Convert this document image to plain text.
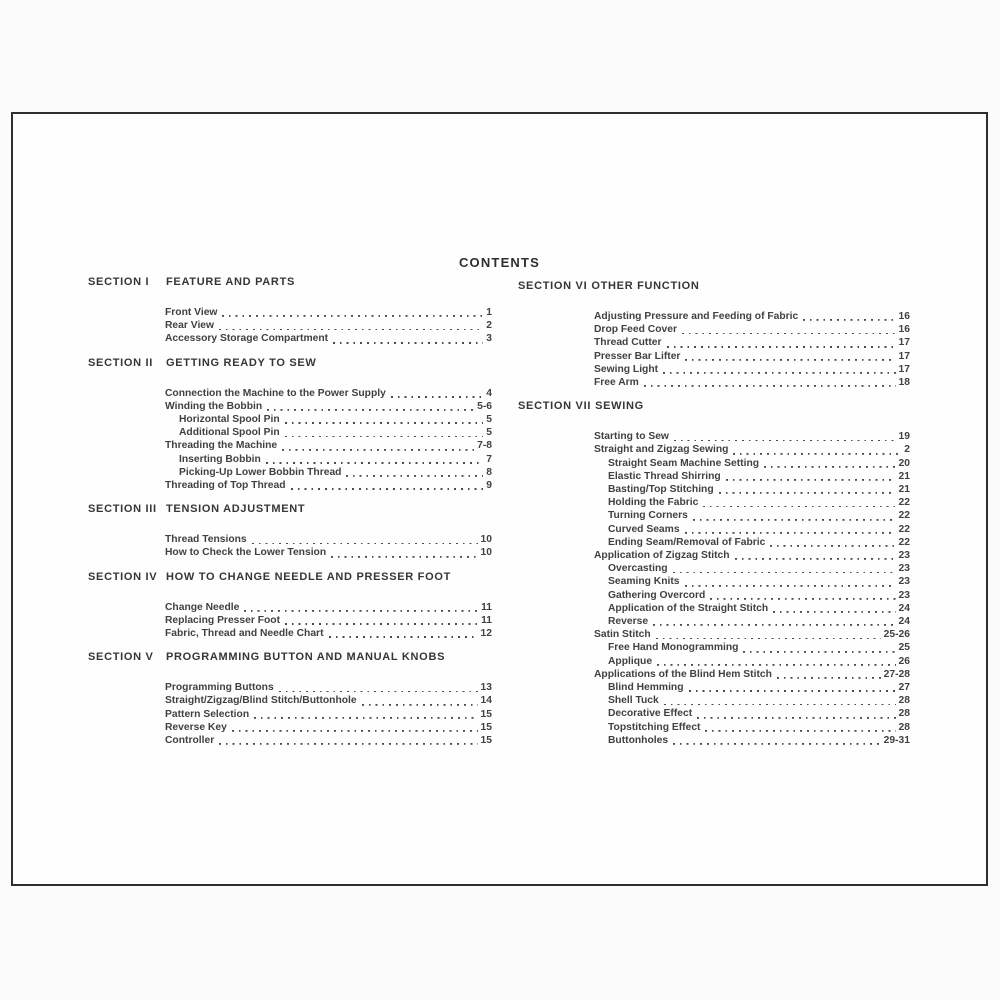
CONTENTS
SECTION I	FEATURE AND PARTS
Front View	1
Rear View	2
Accessory Storage Compartment	3
SECTION II	GETTING READY TO SEW
Connection the Machine to the Power Supply	4
Winding the Bobbin	5-6
Horizontal Spool Pin	5
Additional Spool Pin	5
Threading the Machine	7-8
Inserting Bobbin	7
Picking-Up Lower Bobbin Thread	8
Threading of Top Thread	9
SECTION III TENSION ADJUSTMENT
Thread Tensions	10
How to Check the Lower Tension	10
SECTION IV HOW TO CHANGE NEEDLE AND PRESSER FOOT
Change Needle	11
Replacing Presser Foot	11
Fabric, Thread and Needle Chart	12
SECTION V	PROGRAMMING BUTTON AND MANUAL KNOBS
Programming Buttons	13
Straight/Zigzag/Blind Stitch/Buttonhole	14
Pattern Selection	15
Reverse Key	15
Controller	15
SECTION VI OTHER FUNCTION
Adjusting Pressure and Feeding of Fabric	16
Drop Feed Cover	16
Thread Cutter	17
Presser Bar Lifter	17
Sewing Light	17
Free Arm	18
SECTION VII SEWING
Starting to Sew	19
Straight and Zigzag Sewing	2
Straight Seam Machine Setting	20
Elastic Thread Shirring	21
Basting/Top Stitching	21
Holding the Fabric	22
Turning Corners	22
Curved Seams	22
Ending Seam/Removal of Fabric	22
Application of Zigzag Stitch	23
Overcasting	23
Seaming Knits	23
Gathering Overcord	23
Application of the Straight Stitch	24
Reverse	24
Satin Stitch	25-26
Free Hand Monogramming	25
Applique	26
Applications of the Blind Hem Stitch	27-28
Blind Hemming	27
Shell Tuck	28
Decorative Effect	28
Topstitching Effect	28
Buttonholes	29-31
